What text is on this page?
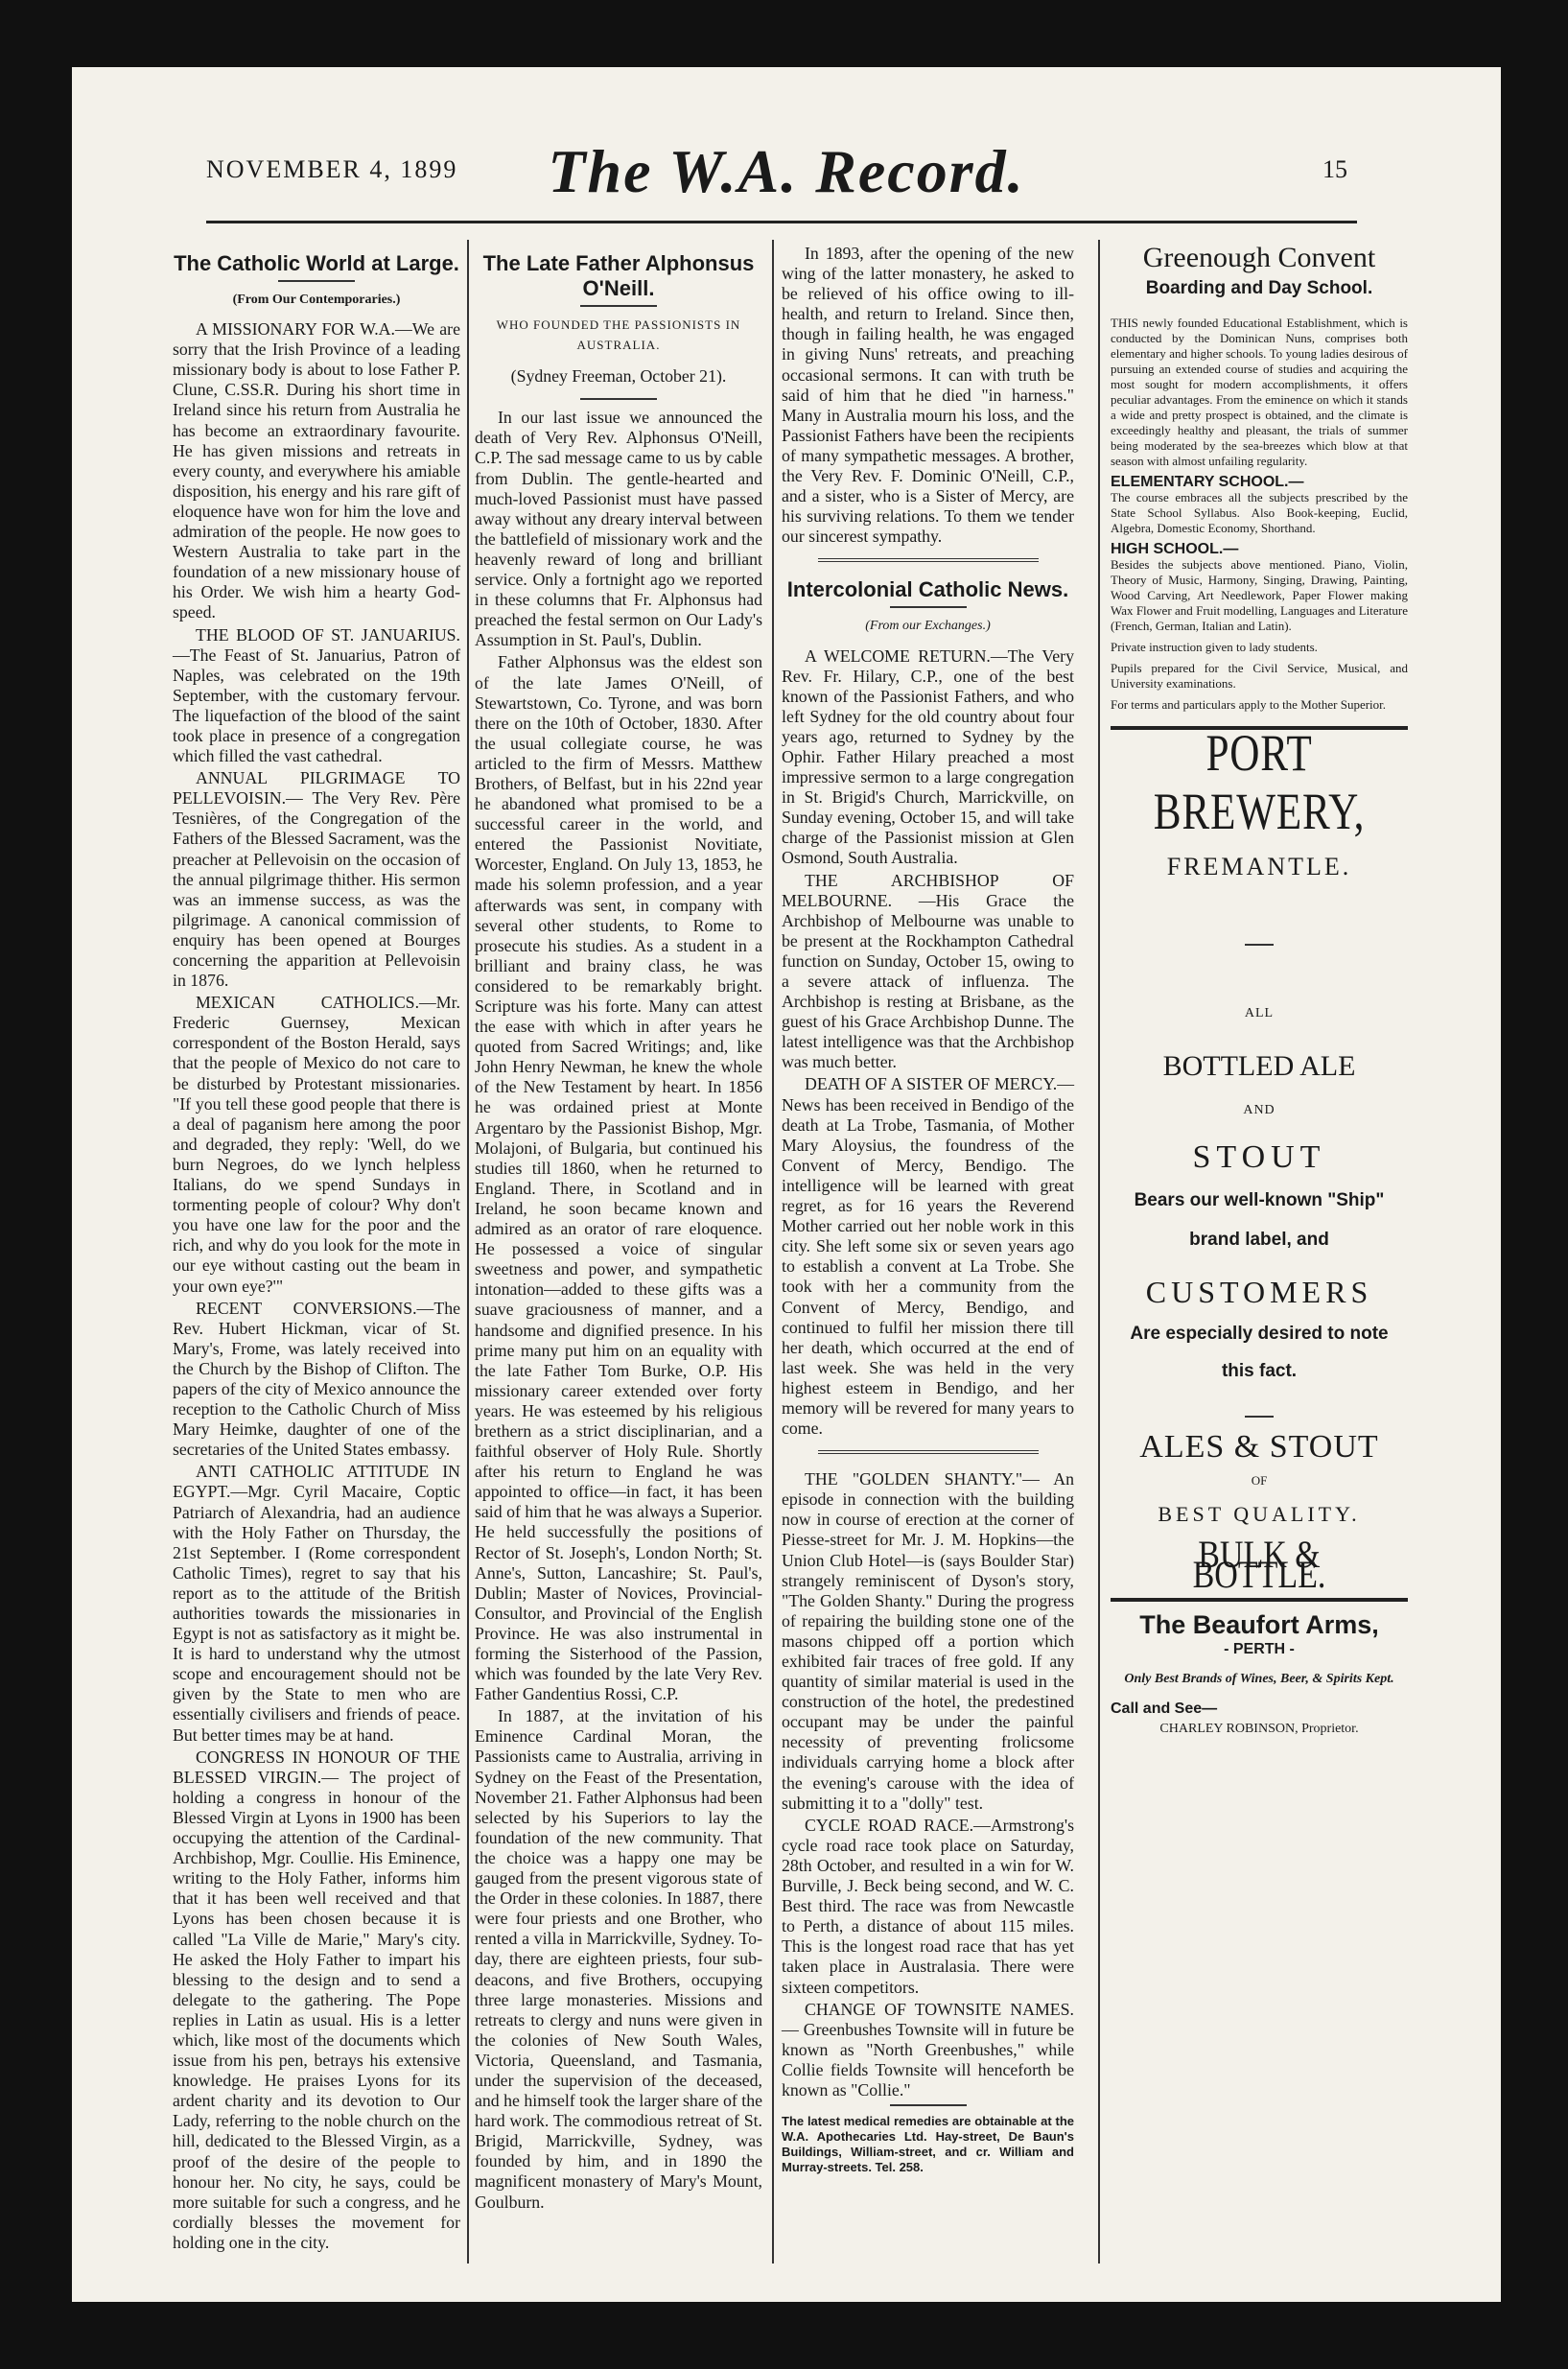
NOVEMBER 4, 1899	The W.A. Record.	15
The Catholic World at Large.
(From Our Contemporaries.)

A MISSIONARY FOR W.A.—We are sorry that the Irish Province of a leading missionary body is about to lose Father P. Clune, C.SS.R. During his short time in Ireland since his return from Australia he has become an extraordinary favourite. He has given missions and retreats in every county, and everywhere his amiable disposition, his energy and his rare gift of eloquence have won for him the love and admiration of the people. He now goes to Western Australia to take part in the foundation of a new missionary house of his Order. We wish him a hearty God-speed.

THE BLOOD OF ST. JANUARIUS.—The Feast of St. Januarius, Patron of Naples, was celebrated on the 19th September, with the customary fervour. The liquefaction of the blood of the saint took place in presence of a congregation which filled the vast cathedral.

ANNUAL PILGRIMAGE TO PELLEVOISIN.— The Very Rev. Père Tesnières, of the Congregation of the Fathers of the Blessed Sacrament, was the preacher at Pellevoisin on the occasion of the annual pilgrimage thither. His sermon was an immense success, as was the pilgrimage. A canonical commission of enquiry has been opened at Bourges concerning the apparition at Pellevoisin in 1876.

MEXICAN CATHOLICS.—Mr. Frederic Guernsey, Mexican correspondent of the Boston Herald, says that the people of Mexico do not care to be disturbed by Protestant missionaries. "If you tell these good people that there is a deal of paganism here among the poor and degraded, they reply: 'Well, do we burn Negroes, do we lynch helpless Italians, do we spend Sundays in tormenting people of colour? Why don't you have one law for the poor and the rich, and why do you look for the mote in our eye without casting out the beam in your own eye?'"

RECENT CONVERSIONS.—The Rev. Hubert Hickman, vicar of St. Mary's, Frome, was lately received into the Church by the Bishop of Clifton. The papers of the city of Mexico announce the reception to the Catholic Church of Miss Mary Heimke, daughter of one of the secretaries of the United States embassy.

ANTI CATHOLIC ATTITUDE IN EGYPT.—Mgr. Cyril Macaire, Coptic Patriarch of Alexandria, had an audience with the Holy Father on Thursday, the 21st September. I (Rome correspondent Catholic Times), regret to say that his report as to the attitude of the British authorities towards the missionaries in Egypt is not as satisfactory as it might be. It is hard to understand why the utmost scope and encouragement should not be given by the State to men who are essentially civilisers and friends of peace. But better times may be at hand.

CONGRESS IN HONOUR OF THE BLESSED VIRGIN.— The project of holding a congress in honour of the Blessed Virgin at Lyons in 1900 has been occupying the attention of the Cardinal-Archbishop, Mgr. Coullie. His Eminence, writing to the Holy Father, informs him that it has been well received and that Lyons has been chosen because it is called "La Ville de Marie," Mary's city. He asked the Holy Father to impart his blessing to the design and to send a delegate to the gathering. The Pope replies in Latin as usual. His is a letter which, like most of the documents which issue from his pen, betrays his extensive knowledge. He praises Lyons for its ardent charity and its devotion to Our Lady, referring to the noble church on the hill, dedicated to the Blessed Virgin, as a proof of the desire of the people to honour her. No city, he says, could be more suitable for such a congress, and he cordially blesses the movement for holding one in the city.

The Late Father Alphonsus O'Neill.
WHO FOUNDED THE PASSIONISTS IN AUSTRALIA.
(Sydney Freeman, October 21).

In our last issue we announced the death of Very Rev. Alphonsus O'Neill, C.P. The sad message came to us by cable from Dublin. The gentle-hearted and much-loved Passionist must have passed away without any dreary interval between the battlefield of missionary work and the heavenly reward of long and brilliant service. Only a fortnight ago we reported in these columns that Fr. Alphonsus had preached the festal sermon on Our Lady's Assumption in St. Paul's, Dublin.

Father Alphonsus was the eldest son of the late James O'Neill, of Stewartstown, Co. Tyrone, and was born there on the 10th of October, 1830. After the usual collegiate course, he was articled to the firm of Messrs. Matthew Brothers, of Belfast, but in his 22nd year he abandoned what promised to be a successful career in the world, and entered the Passionist Novitiate, Worcester, England. On July 13, 1853, he made his solemn profession, and a year afterwards was sent, in company with several other students, to Rome to prosecute his studies. As a student in a brilliant and brainy class, he was considered to be remarkably bright. Scripture was his forte. Many can attest the ease with which in after years he quoted from Sacred Writings; and, like John Henry Newman, he knew the whole of the New Testament by heart. In 1856 he was ordained priest at Monte Argentaro by the Passionist Bishop, Mgr. Molajoni, of Bulgaria, but continued his studies till 1860, when he returned to England. There, in Scotland and in Ireland, he soon became known and admired as an orator of rare eloquence. He possessed a voice of singular sweetness and power, and sympathetic intonation—added to these gifts was a suave graciousness of manner, and a handsome and dignified presence. In his prime many put him on an equality with the late Father Tom Burke, O.P. His missionary career extended over forty years. He was esteemed by his religious brethern as a strict disciplinarian, and a faithful observer of Holy Rule. Shortly after his return to England he was appointed to office—in fact, it has been said of him that he was always a Superior. He held successfully the positions of Rector of St. Joseph's, London North; St. Anne's, Sutton, Lancashire; St. Paul's, Dublin; Master of Novices, Provincial-Consultor, and Provincial of the English Province. He was also instrumental in forming the Sisterhood of the Passion, which was founded by the late Very Rev. Father Gandentius Rossi, C.P.

In 1887, at the invitation of his Eminence Cardinal Moran, the Passionists came to Australia, arriving in Sydney on the Feast of the Presentation, November 21. Father Alphonsus had been selected by his Superiors to lay the foundation of the new community. That the choice was a happy one may be gauged from the present vigorous state of the Order in these colonies. In 1887, there were four priests and one Brother, who rented a villa in Marrickville, Sydney. To-day, there are eighteen priests, four sub-deacons, and five Brothers, occupying three large monasteries. Missions and retreats to clergy and nuns were given in the colonies of New South Wales, Victoria, Queensland, and Tasmania, under the supervision of the deceased, and he himself took the larger share of the hard work. The commodious retreat of St. Brigid, Marrickville, Sydney, was founded by him, and in 1890 the magnificent monastery of Mary's Mount, Goulburn.

In 1893, after the opening of the new wing of the latter monastery, he asked to be relieved of his office owing to ill-health, and return to Ireland. Since then, though in failing health, he was engaged in giving Nuns' retreats, and preaching occasional sermons. It can with truth be said of him that he died "in harness." Many in Australia mourn his loss, and the Passionist Fathers have been the recipients of many sympathetic messages. A brother, the Very Rev. F. Dominic O'Neill, C.P., and a sister, who is a Sister of Mercy, are his surviving relations. To them we tender our sincerest sympathy.

Intercolonial Catholic News.
(From our Exchanges.)

A WELCOME RETURN.—The Very Rev. Fr. Hilary, C.P., one of the best known of the Passionist Fathers, and who left Sydney for the old country about four years ago, returned to Sydney by the Ophir. Father Hilary preached a most impressive sermon to a large congregation in St. Brigid's Church, Marrickville, on Sunday evening, October 15, and will take charge of the Passionist mission at Glen Osmond, South Australia.

THE ARCHBISHOP OF MELBOURNE. —His Grace the Archbishop of Melbourne was unable to be present at the Rockhampton Cathedral function on Sunday, October 15, owing to a severe attack of influenza. The Archbishop is resting at Brisbane, as the guest of his Grace Archbishop Dunne. The latest intelligence was that the Archbishop was much better.

DEATH OF A SISTER OF MERCY.—News has been received in Bendigo of the death at La Trobe, Tasmania, of Mother Mary Aloysius, the foundress of the Convent of Mercy, Bendigo. The intelligence will be learned with great regret, as for 16 years the Reverend Mother carried out her noble work in this city. She left some six or seven years ago to establish a convent at La Trobe. She took with her a community from the Convent of Mercy, Bendigo, and continued to fulfil her mission there till her death, which occurred at the end of last week. She was held in the very highest esteem in Bendigo, and her memory will be revered for many years to come.

THE "GOLDEN SHANTY."— An episode in connection with the building now in course of erection at the corner of Piesse-street for Mr. J. M. Hopkins—the Union Club Hotel—is (says Boulder Star) strangely reminiscent of Dyson's story, "The Golden Shanty." During the progress of repairing the building stone one of the masons chipped off a portion which exhibited fair traces of free gold. If any quantity of similar material is used in the construction of the hotel, the predestined occupant may be under the painful necessity of preventing frolicsome individuals carrying home a block after the evening's carouse with the idea of submitting it to a "dolly" test.

CYCLE ROAD RACE.—Armstrong's cycle road race took place on Saturday, 28th October, and resulted in a win for W. Burville, J. Beck being second, and W. C. Best third. The race was from Newcastle to Perth, a distance of about 115 miles. This is the longest road race that has yet taken place in Australasia. There were sixteen competitors.

CHANGE OF TOWNSITE NAMES.— Greenbushes Townsite will in future be known as "North Greenbushes," while Collie fields Townsite will henceforth be known as "Collie."

The latest medical remedies are obtainable at the W.A. Apothecaries Ltd. Hay-street, De Baun's Buildings, William-street, and cr. William and Murray-streets. Tel. 258.
Greenough Convent
Boarding and Day School.
THIS newly founded Educational Establishment, which is conducted by the Dominican Nuns, comprises both elementary and higher schools. To young ladies desirous of pursuing an extended course of studies and acquiring the most sought for modern accomplishments, it offers peculiar advantages. From the eminence on which it stands a wide and pretty prospect is obtained, and the climate is exceedingly healthy and pleasant, the trials of summer being moderated by the sea-breezes which blow at that season with almost unfailing regularity.
ELEMENTARY SCHOOL.—
The course embraces all the subjects prescribed by the State School Syllabus. Also Book-keeping, Euclid, Algebra, Domestic Economy, Shorthand.
HIGH SCHOOL.—
Besides the subjects above mentioned. Piano, Violin, Theory of Music, Harmony, Singing, Drawing, Painting, Wood Carving, Art Needlework, Paper Flower making Wax Flower and Fruit modelling, Languages and Literature (French, German, Italian and Latin).
Private instruction given to lady students.
Pupils prepared for the Civil Service, Musical, and University examinations.
For terms and particulars apply to the Mother Superior.
PORT
BREWERY,
FREMANTLE.
ALL
BOTTLED ALE
AND
STOUT
Bears our well-known "Ship"
brand label, and
CUSTOMERS
Are especially desired to note
this fact.
ALES & STOUT
OF
BEST QUALITY.
BULK & BOTTLE.
The Beaufort Arms,
- PERTH -
Only Best Brands of Wines, Beer, & Spirits Kept.
Call and See—
CHARLEY ROBINSON, Proprietor.
